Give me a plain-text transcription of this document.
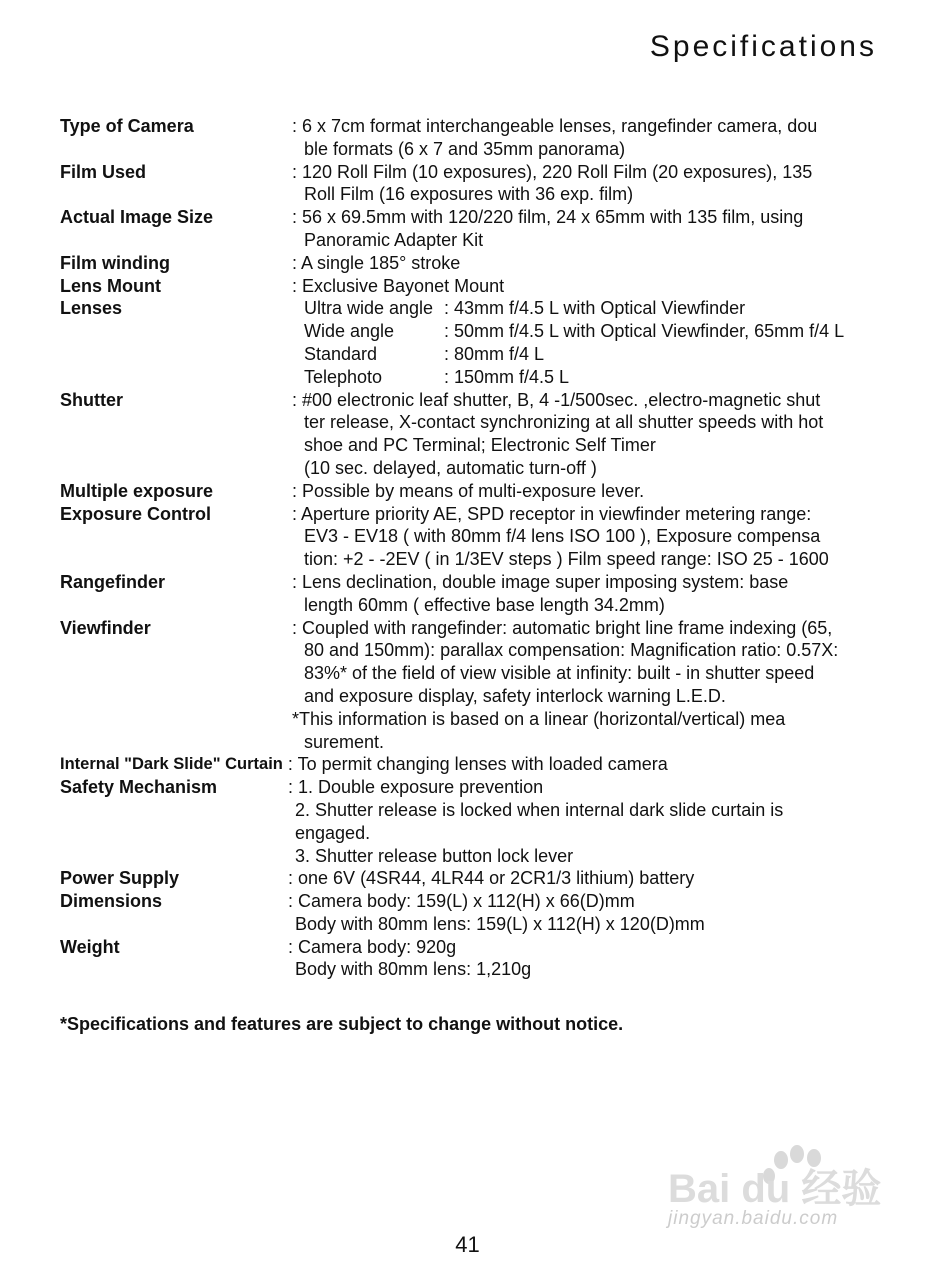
Specifications
Type of Camera	: 6 x 7cm format interchangeable lenses, rangefinder camera, dou
ble formats (6 x 7 and 35mm panorama)
Film Used	: 120 Roll Film (10 exposures), 220 Roll Film (20 exposures), 135
Roll Film (16 exposures with 36 exp. film)
Actual Image Size	: 56 x 69.5mm with 120/220 film, 24 x 65mm with 135 film, using
Panoramic Adapter Kit
Film winding	: A single 185° stroke
Lens Mount	: Exclusive Bayonet Mount
Lenses	Ultra wide angle : 43mm f/4.5 L with Optical Viewfinder
Wide angle	: 50mm f/4.5 L with Optical Viewfinder, 65mm f/4 L
Standard	: 80mm f/4 L
Telephoto	: 150mm f/4.5 L
Shutter	: #00 electronic leaf shutter, B, 4 -1/500sec. ,electro-magnetic shut
ter release, X-contact synchronizing at all shutter speeds with hot
shoe and PC Terminal; Electronic Self Timer
(10 sec. delayed, automatic turn-off )
Multiple exposure	: Possible by means of multi-exposure lever.
Exposure Control	: Aperture priority AE, SPD receptor in viewfinder metering range:
EV3 - EV18 ( with 80mm f/4 lens ISO 100 ), Exposure compensa
tion: +2 - -2EV ( in 1/3EV steps ) Film speed range: ISO 25 - 1600
Rangefinder	: Lens declination, double image super imposing system: base
length 60mm ( effective base length 34.2mm)
Viewfinder	: Coupled with rangefinder: automatic bright line frame indexing (65,
80 and 150mm): parallax compensation: Magnification ratio: 0.57X:
83%* of the field of view visible at infinity: built - in shutter speed
and exposure display, safety interlock warning L.E.D.
*This information is based on a linear (horizontal/vertical) mea
surement.
Internal "Dark Slide" Curtain : To permit changing lenses with loaded camera
Safety Mechanism	: 1. Double exposure prevention
2. Shutter release is locked when internal dark slide curtain is
engaged.
3. Shutter release button lock lever
Power Supply	: one 6V (4SR44, 4LR44 or 2CR1/3 lithium) battery
Dimensions	: Camera body: 159(L) x 112(H) x 66(D)mm
Body with 80mm lens: 159(L) x 112(H) x 120(D)mm
Weight	: Camera body: 920g
Body with 80mm lens: 1,210g
*Specifications and features are subject to change without notice.
Bai du 经验
jingyan.baidu.com
41
